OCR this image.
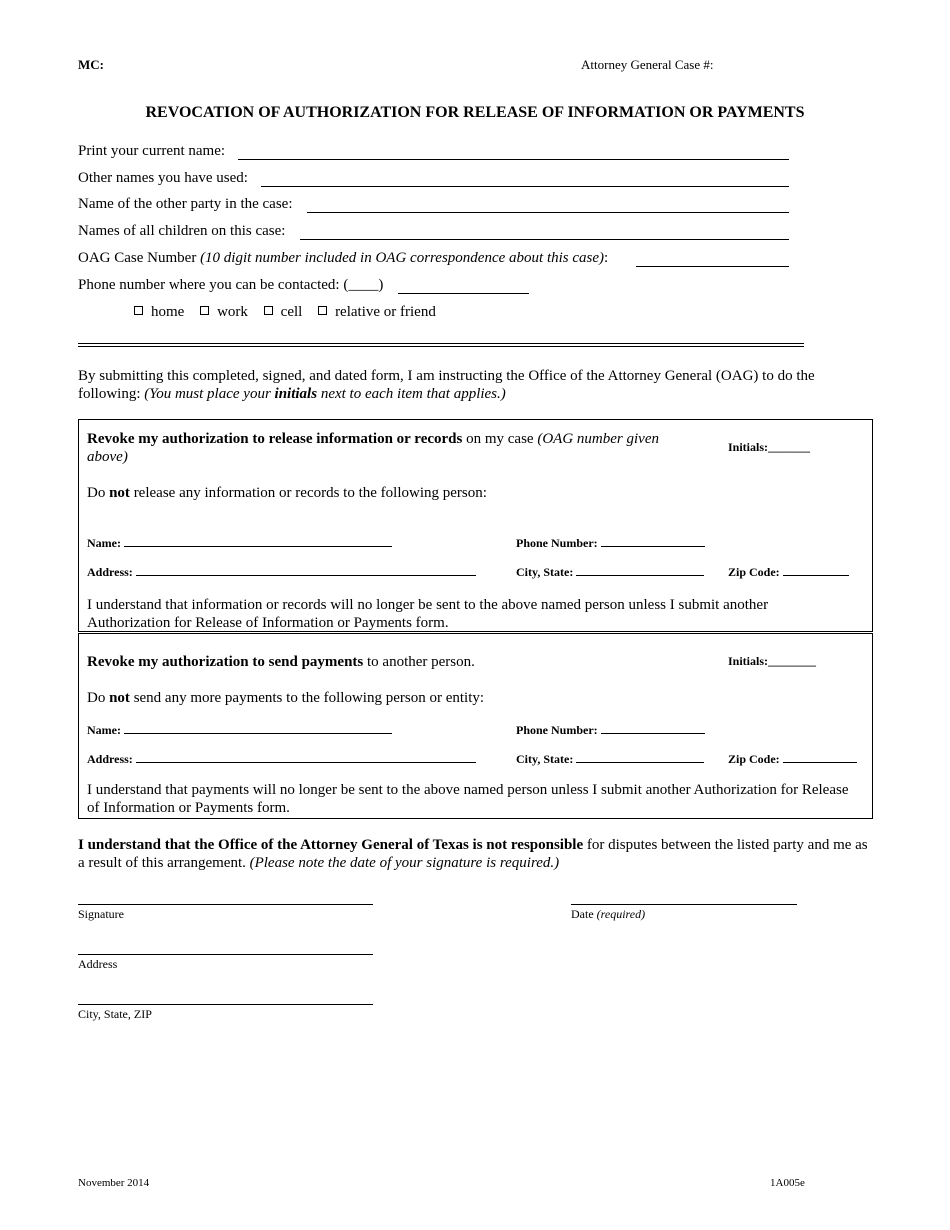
MC:	Attorney General Case #:
REVOCATION OF AUTHORIZATION FOR RELEASE OF INFORMATION OR PAYMENTS
Print your current name:
Other names you have used:
Name of the other party in the case:
Names of all children on this case:
OAG Case Number (10 digit number included in OAG correspondence about this case):
Phone number where you can be contacted: (____)
home work cell relative or friend
By submitting this completed, signed, and dated form, I am instructing the Office of the Attorney General (OAG) to do the following: (You must place your initials next to each item that applies.)
Revoke my authorization to release information or records on my case (OAG number given above)
Initials:_______
Do not release any information or records to the following person:
Name:	Phone Number:
Address:	City, State:	Zip Code:
I understand that information or records will no longer be sent to the above named person unless I submit another Authorization for Release of Information or Payments form.
Revoke my authorization to send payments to another person.	Initials:________
Do not send any more payments to the following person or entity:
Name:	Phone Number:
Address:	City, State:	Zip Code:
I understand that payments will no longer be sent to the above named person unless I submit another Authorization for Release of Information or Payments form.
I understand that the Office of the Attorney General of Texas is not responsible for disputes between the listed party and me as a result of this arrangement. (Please note the date of your signature is required.)
Signature	Date (required)
Address
City, State, ZIP
November 2014	1A005e
